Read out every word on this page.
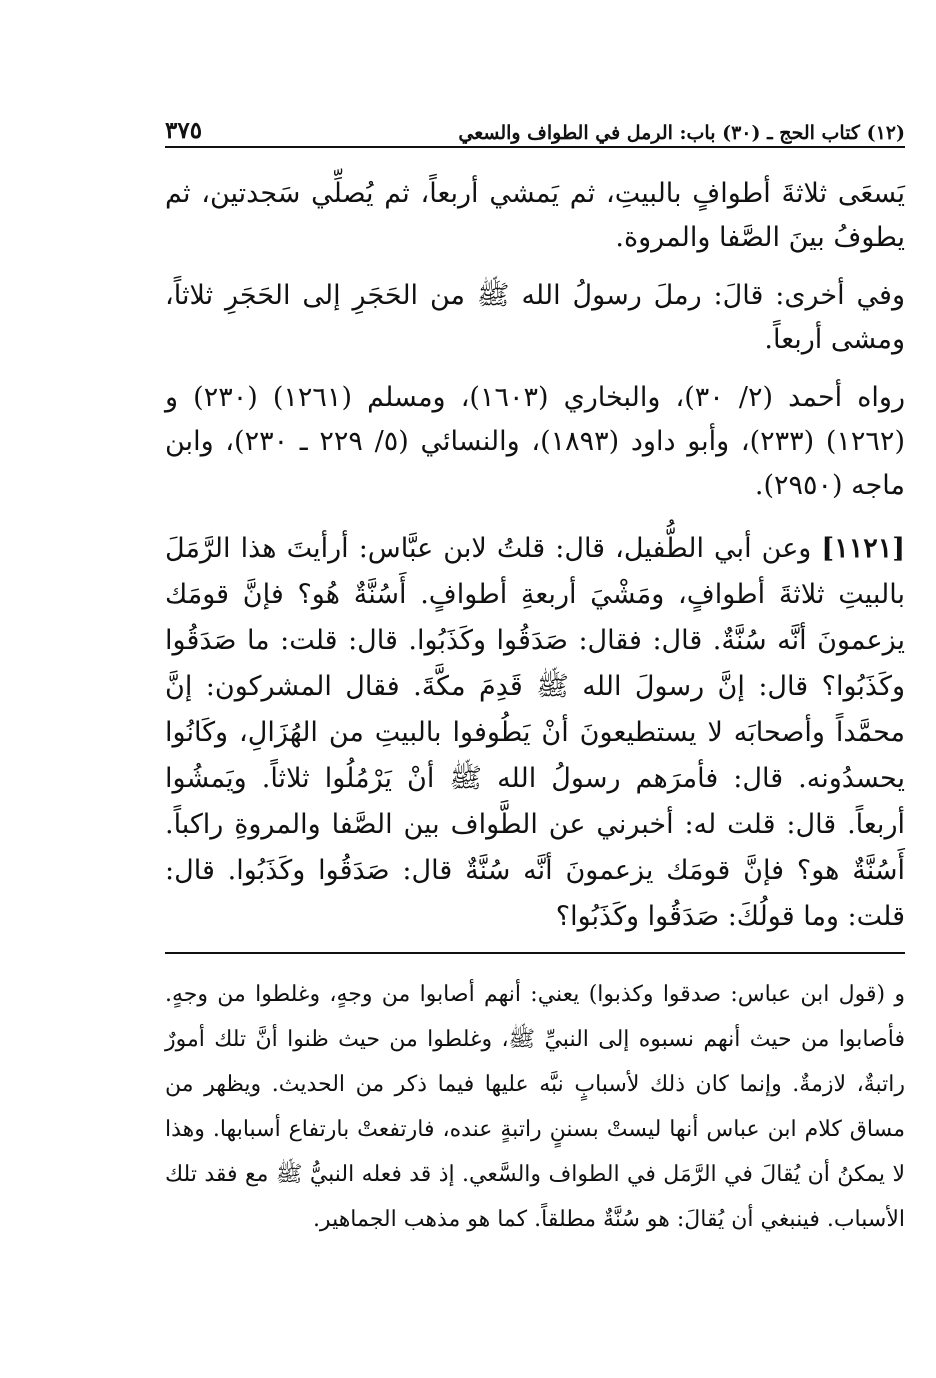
(١٢) كتاب الحج ـ (٣٠) باب: الرمل في الطواف والسعي
٣٧٥

يَسعَى ثلاثةَ أطوافٍ بالبيتِ، ثم يَمشي أربعاً، ثم يُصلِّي سَجدتين، ثم يطوفُ بينَ الصَّفا والمروة.

وفي أخرى: قالَ: رملَ رسولُ الله ﷺ من الحَجَرِ إلى الحَجَرِ ثلاثاً، ومشى أربعاً.

رواه أحمد (٢/ ٣٠)، والبخاري (١٦٠٣)، ومسلم (١٢٦١) (٢٣٠) و (١٢٦٢) (٢٣٣)، وأبو داود (١٨٩٣)، والنسائي (٥/ ٢٢٩ ـ ٢٣٠)، وابن ماجه (٢٩٥٠).

[١١٢١] وعن أبي الطُّفيل، قال: قلتُ لابن عبَّاس: أرأيتَ هذا الرَّمَلَ بالبيتِ ثلاثةَ أطوافٍ، ومَشْيَ أربعةِ أطوافٍ. أَسُنَّةٌ هُو؟ فإنَّ قومَك يزعمونَ أنَّه سُنَّةٌ. قال: فقال: صَدَقُوا وكَذَبُوا. قال: قلت: ما صَدَقُوا وكَذَبُوا؟ قال: إنَّ رسولَ الله ﷺ قَدِمَ مكَّةَ. فقال المشركون: إنَّ محمَّداً وأصحابَه لا يستطيعونَ أنْ يَطُوفوا بالبيتِ من الهُزَالِ، وكَانُوا يحسدُونه. قال: فأمرَهم رسولُ الله ﷺ أنْ يَرْمُلُوا ثلاثاً. ويَمشُوا أربعاً. قال: قلت له: أخبرني عن الطَّواف بين الصَّفا والمروةِ راكباً. أَسُنَّةٌ هو؟ فإنَّ قومَك يزعمونَ أنَّه سُنَّةٌ قال: صَدَقُوا وكَذَبُوا. قال: قلت: وما قولُكَ: صَدَقُوا وكَذَبُوا؟

و (قول ابن عباس: صدقوا وكذبوا) يعني: أنهم أصابوا من وجهٍ، وغلطوا من وجهٍ. فأصابوا من حيث أنهم نسبوه إلى النبيِّ ﷺ، وغلطوا من حيث ظنوا أنَّ تلك أمورٌ راتبةٌ، لازمةٌ. وإنما كان ذلك لأسبابٍ نبَّه عليها فيما ذكر من الحديث. ويظهر من مساق كلام ابن عباس أنها ليستْ بسننٍ راتبةٍ عنده، فارتفعتْ بارتفاع أسبابها. وهذا لا يمكنُ أن يُقالَ في الرَّمَل في الطواف والسَّعي. إذ قد فعله النبيُّ ﷺ مع فقد تلك الأسباب. فينبغي أن يُقالَ: هو سُنَّةٌ مطلقاً. كما هو مذهب الجماهير.
